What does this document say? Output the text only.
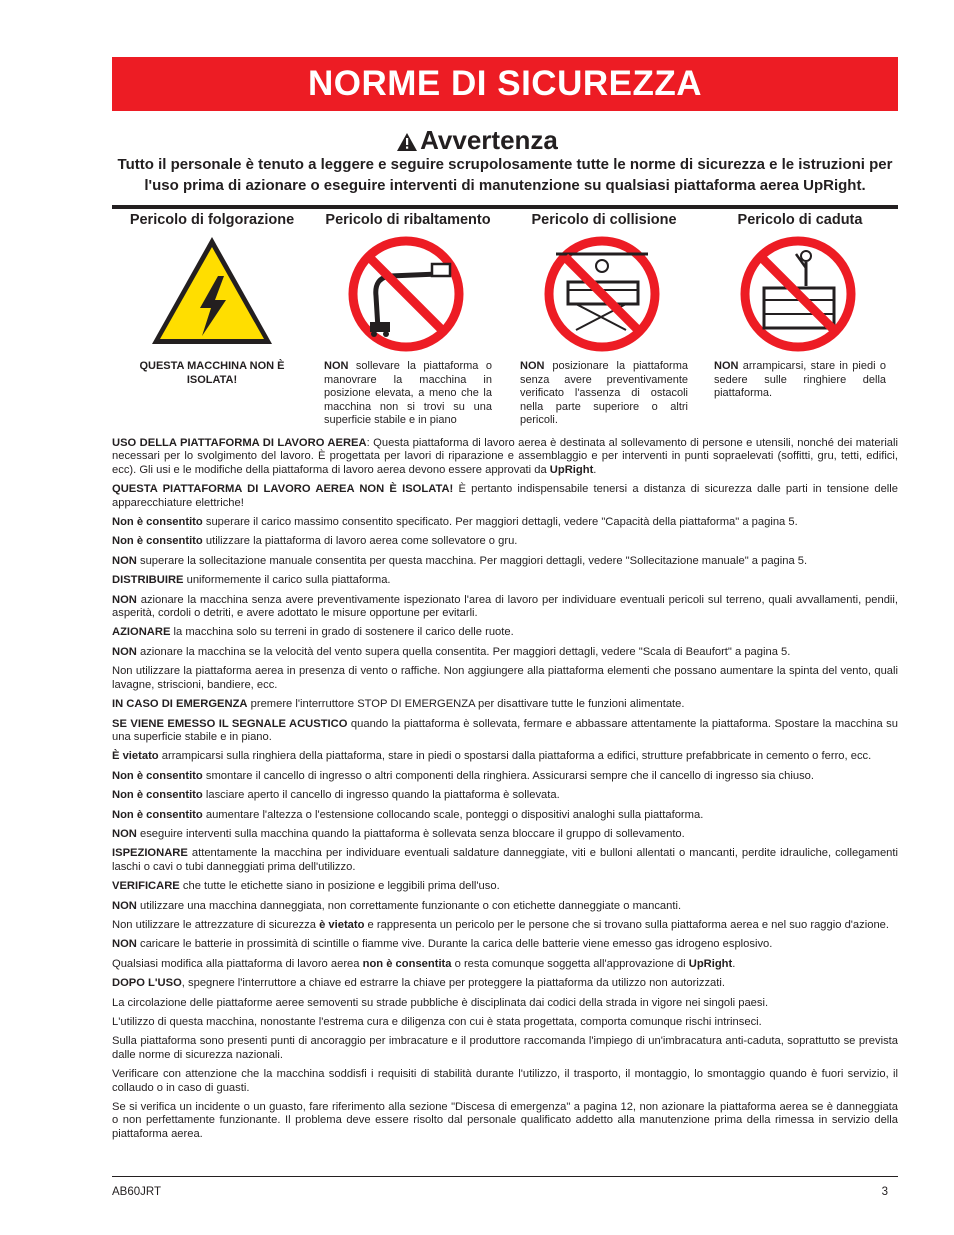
NORME DI SICUREZZA
Avvertenza
Tutto il personale è tenuto a leggere e seguire scrupolosamente tutte le norme di sicurezza e le istruzioni per l'uso prima di azionare o eseguire interventi di manutenzione su qualsiasi piattaforma aerea UpRight.
Pericolo di folgorazione
QUESTA MACCHINA NON È ISOLATA!
Pericolo di ribaltamento
NON sollevare la piattaforma o manovrare la macchina in posizione elevata, a meno che la macchina non si trovi su una superficie stabile e in piano
Pericolo di collisione
NON posizionare la piattaforma senza avere preventivamente verificato l'assenza di ostacoli nella parte superiore o altri pericoli.
Pericolo di caduta
NON arrampicarsi, stare in piedi o sedere sulle ringhiere della piattaforma.

USO DELLA PIATTAFORMA DI LAVORO AEREA: Questa piattaforma di lavoro aerea è destinata al sollevamento di persone e utensili, nonché dei materiali necessari per lo svolgimento del lavoro. È progettata per lavori di riparazione e assemblaggio e per interventi in punti sopraelevati (soffitti, gru, tetti, edifici, ecc). Gli usi e le modifiche della piattaforma di lavoro aerea devono essere approvati da UpRight.

QUESTA PIATTAFORMA DI LAVORO AEREA NON È ISOLATA! È pertanto indispensabile tenersi a distanza di sicurezza dalle parti in tensione delle apparecchiature elettriche!

Non è consentito superare il carico massimo consentito specificato. Per maggiori dettagli, vedere "Capacità della piattaforma" a pagina 5.

Non è consentito utilizzare la piattaforma di lavoro aerea come sollevatore o gru.

NON superare la sollecitazione manuale consentita per questa macchina. Per maggiori dettagli, vedere "Sollecitazione manuale" a pagina 5.

DISTRIBUIRE uniformemente il carico sulla piattaforma.

NON azionare la macchina senza avere preventivamente ispezionato l'area di lavoro per individuare eventuali pericoli sul terreno, quali avvallamenti, pendii, asperità, cordoli o detriti, e avere adottato le misure opportune per evitarli.

AZIONARE la macchina solo su terreni in grado di sostenere il carico delle ruote.

NON azionare la macchina se la velocità del vento supera quella consentita. Per maggiori dettagli, vedere "Scala di Beaufort" a pagina 5.

Non utilizzare la piattaforma aerea in presenza di vento o raffiche. Non aggiungere alla piattaforma elementi che possano aumentare la spinta del vento, quali lavagne, striscioni, bandiere, ecc.

IN CASO DI EMERGENZA premere l'interruttore STOP DI EMERGENZA per disattivare tutte le funzioni alimentate.

SE VIENE EMESSO IL SEGNALE ACUSTICO quando la piattaforma è sollevata, fermare e abbassare attentamente la piattaforma. Spostare la macchina su una superficie stabile e in piano.

È vietato arrampicarsi sulla ringhiera della piattaforma, stare in piedi o spostarsi dalla piattaforma a edifici, strutture prefabbricate in cemento o ferro, ecc.

Non è consentito smontare il cancello di ingresso o altri componenti della ringhiera. Assicurarsi sempre che il cancello di ingresso sia chiuso.

Non è consentito lasciare aperto il cancello di ingresso quando la piattaforma è sollevata.

Non è consentito aumentare l'altezza o l'estensione collocando scale, ponteggi o dispositivi analoghi sulla piattaforma.

NON eseguire interventi sulla macchina quando la piattaforma è sollevata senza bloccare il gruppo di sollevamento.

ISPEZIONARE attentamente la macchina per individuare eventuali saldature danneggiate, viti e bulloni allentati o mancanti, perdite idrauliche, collegamenti laschi o cavi o tubi danneggiati prima dell'utilizzo.

VERIFICARE che tutte le etichette siano in posizione e leggibili prima dell'uso.

NON utilizzare una macchina danneggiata, non correttamente funzionante o con etichette danneggiate o mancanti.

Non utilizzare le attrezzature di sicurezza è vietato e rappresenta un pericolo per le persone che si trovano sulla piattaforma aerea e nel suo raggio d'azione.

NON caricare le batterie in prossimità di scintille o fiamme vive. Durante la carica delle batterie viene emesso gas idrogeno esplosivo.

Qualsiasi modifica alla piattaforma di lavoro aerea non è consentita o resta comunque soggetta all'approvazione di UpRight.

DOPO L'USO, spegnere l'interruttore a chiave ed estrarre la chiave per proteggere la piattaforma da utilizzo non autorizzati.

La circolazione delle piattaforme aeree semoventi su strade pubbliche è disciplinata dai codici della strada in vigore nei singoli paesi.

L'utilizzo di questa macchina, nonostante l'estrema cura e diligenza con cui è stata progettata, comporta comunque rischi intrinseci.

Sulla piattaforma sono presenti punti di ancoraggio per imbracature e il produttore raccomanda l'impiego di un'imbracatura anti-caduta, soprattutto se prevista dalle norme di sicurezza nazionali.

Verificare con attenzione che la macchina soddisfi i requisiti di stabilità durante l'utilizzo, il trasporto, il montaggio, lo smontaggio quando è fuori servizio, il collaudo o in caso di guasti.

Se si verifica un incidente o un guasto, fare riferimento alla sezione "Discesa di emergenza" a pagina 12, non azionare la piattaforma aerea se è danneggiata o non perfettamente funzionante. Il problema deve essere risolto dal personale qualificato addetto alla manutenzione prima della rimessa in servizio della piattaforma aerea.

AB60JRT	3
